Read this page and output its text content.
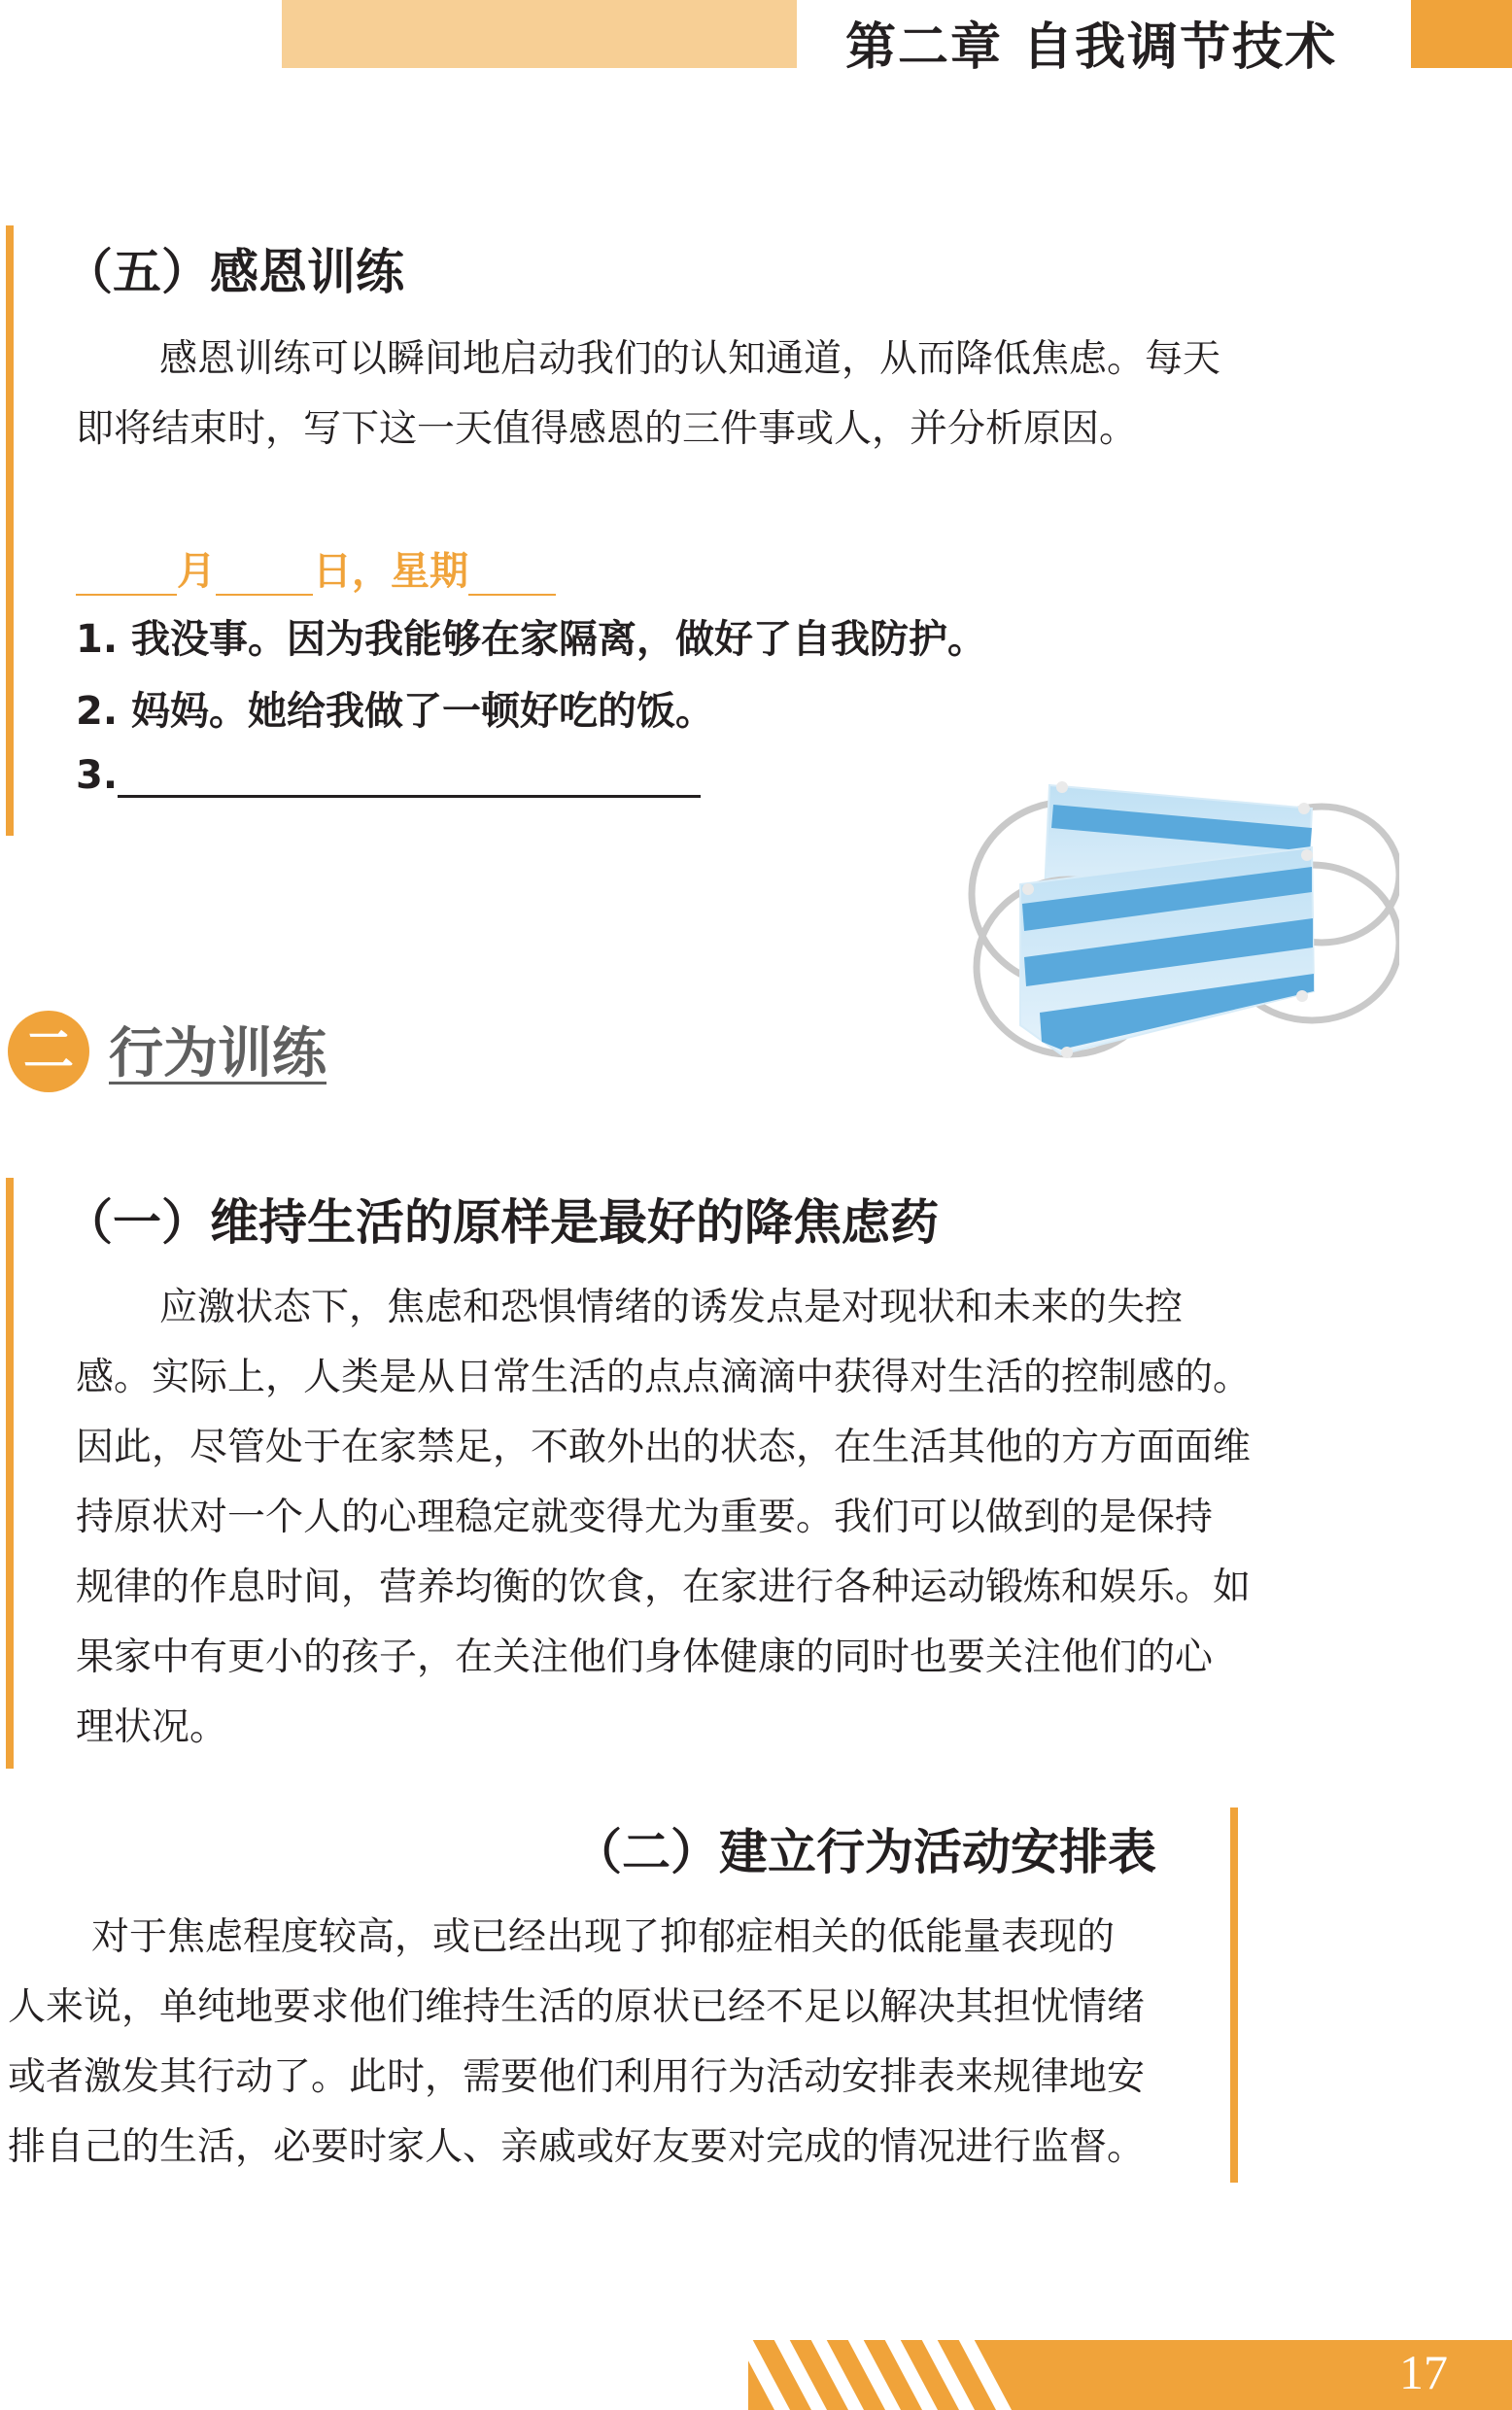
第二章 自我调节技术
（五）感恩训练
感恩训练可以瞬间地启动我们的认知通道，从而降低焦虑。每天
即将结束时，写下这一天值得感恩的三件事或人，并分析原因。
月	日，星期
1. 我没事。因为我能够在家隔离，做好了自我防护。
2. 妈妈。她给我做了一顿好吃的饭。
3.
二 行为训练
（一）维持生活的原样是最好的降焦虑药
应激状态下，焦虑和恐惧情绪的诱发点是对现状和未来的失控
感。实际上，人类是从日常生活的点点滴滴中获得对生活的控制感的。
因此，尽管处于在家禁足，不敢外出的状态，在生活其他的方方面面维
持原状对一个人的心理稳定就变得尤为重要。我们可以做到的是保持
规律的作息时间，营养均衡的饮食，在家进行各种运动锻炼和娱乐。如
果家中有更小的孩子，在关注他们身体健康的同时也要关注他们的心
理状况。
（二）建立行为活动安排表
对于焦虑程度较高，或已经出现了抑郁症相关的低能量表现的
人来说，单纯地要求他们维持生活的原状已经不足以解决其担忧情绪
或者激发其行动了。此时，需要他们利用行为活动安排表来规律地安
排自己的生活，必要时家人、亲戚或好友要对完成的情况进行监督。
17
